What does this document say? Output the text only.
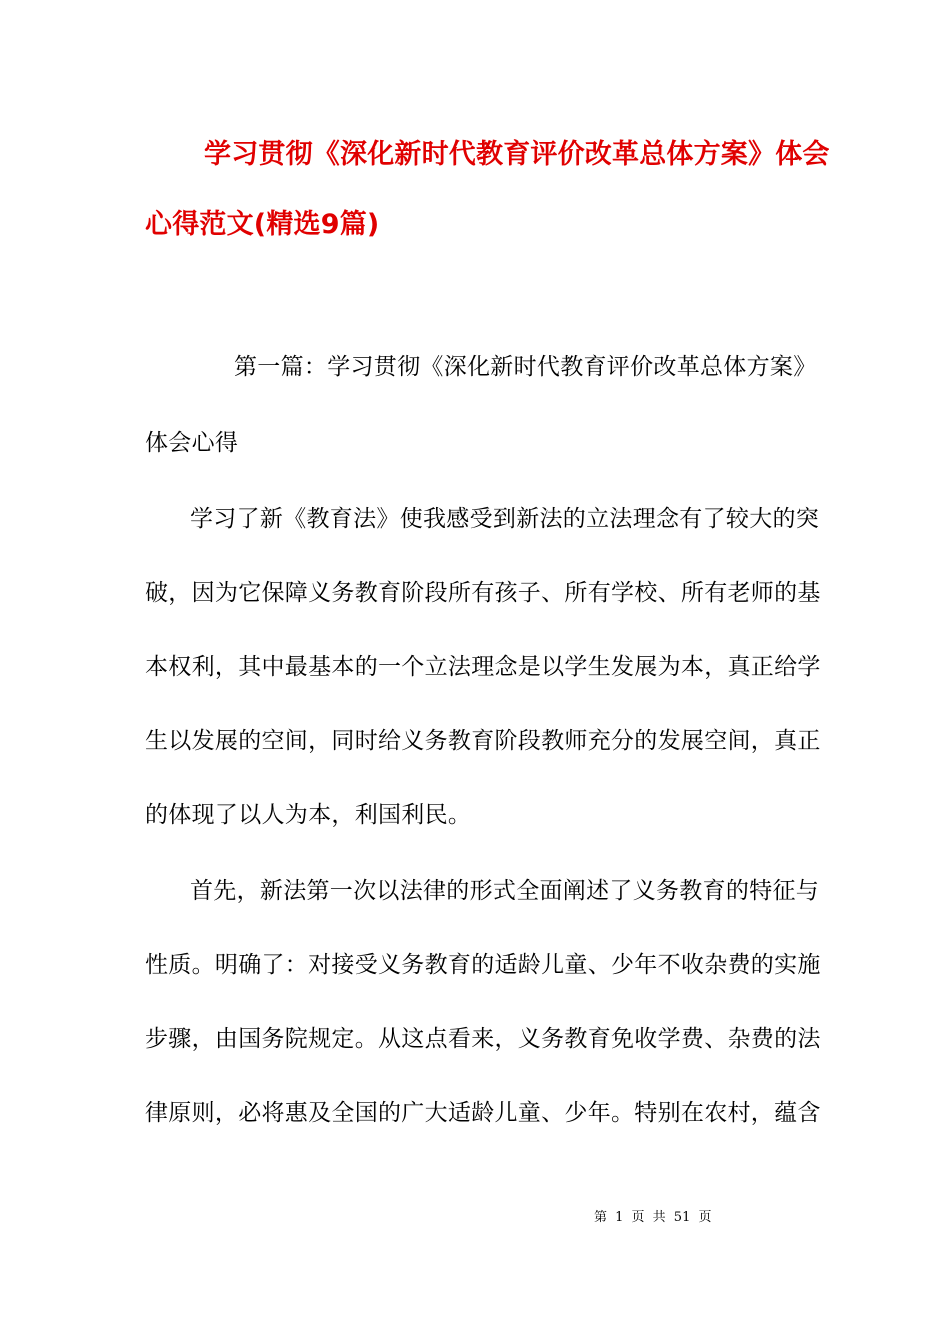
学习贯彻《深化新时代教育评价改革总体方案》体会
心得范文(精选9篇)
第一篇：学习贯彻《深化新时代教育评价改革总体方案》
体会心得
学习了新《教育法》使我感受到新法的立法理念有了较大的突
破，因为它保障义务教育阶段所有孩子、所有学校、所有老师的基
本权利，其中最基本的一个立法理念是以学生发展为本，真正给学
生以发展的空间，同时给义务教育阶段教师充分的发展空间，真正
的体现了以人为本，利国利民。
首先，新法第一次以法律的形式全面阐述了义务教育的特征与
性质。明确了：对接受义务教育的适龄儿童、少年不收杂费的实施
步骤，由国务院规定。从这点看来，义务教育免收学费、杂费的法
律原则，必将惠及全国的广大适龄儿童、少年。特别在农村，蕴含
第 1 页 共 51 页
